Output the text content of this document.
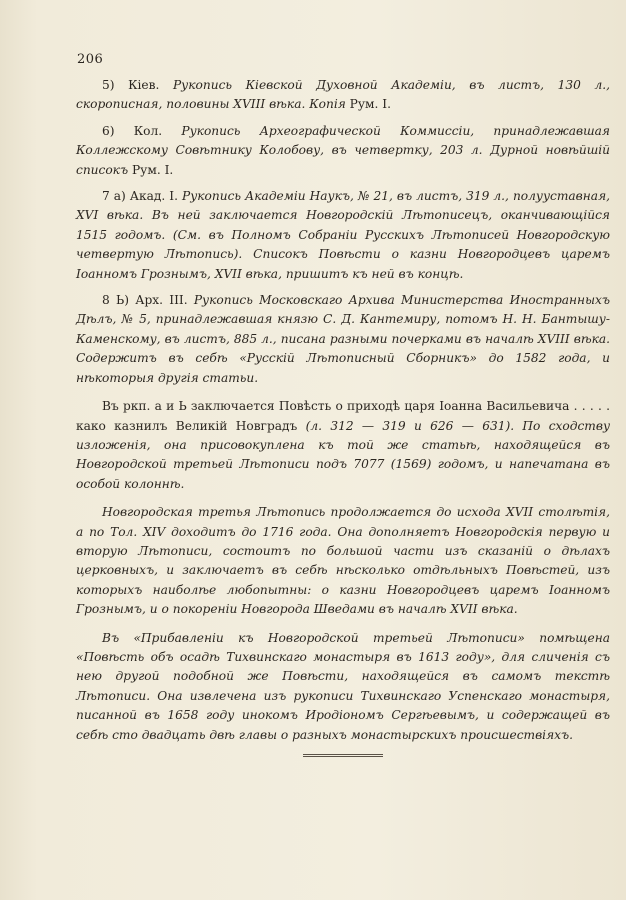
206

5) Кiев. Рукопись Кiевской Духовной Академiи, въ листъ, 130 л., скорописная, половины XVIII вѣка. Копiя Рум. I.

6) Кол. Рукопись Археографической Коммиссiи, принадлежавшая Коллежскому Совѣтнику Колобову, въ четвертку, 203 л. Дурной новѣйшiй списокъ Рум. I.

7 а) Акад. I. Рукопись Академiи Наукъ, № 21, въ листъ, 319 л., полууставная, XVI вѣка. Въ ней заключается Новгородскiй Лѣтописецъ, оканчивающiйся 1515 годомъ. (См. въ Полномъ Собранiи Русскихъ Лѣтописей Новгородскую четвертую Лѣтопись). Списокъ Повѣсти о казни Новгородцевъ царемъ Iоанномъ Грознымъ, XVII вѣка, пришитъ къ ней въ концѣ.

8 Ь) Арх. III. Рукопись Московскаго Архива Министерства Иностранныхъ Дѣлъ, № 5, принадлежавшая князю С. Д. Кантемиру, потомъ Н. Н. Бантышу-Каменскому, въ листъ, 885 л., писана разными почерками въ началѣ XVIII вѣка. Содержитъ въ себѣ «Русскiй Лѣтописный Сборникъ» до 1582 года, и нѣкоторыя другiя статьи.

Въ ркп. а и Ь заключается Повѣсть о приходѣ царя Iоанна Васильевича . . . . . како казнилъ Великiй Новградъ (л. 312 — 319 и 626 — 631). По сходству изложенiя, она присовокуплена къ той же статьѣ, находящейся въ Новгородской третьей Лѣтописи подъ 7077 (1569) годомъ, и напечатана въ особой колоннѣ.

Новгородская третья Лѣтопись продолжается до исхода XVII столѣтiя, а по Тол. XIV доходитъ до 1716 года. Она дополняетъ Новгородскiя первую и вторую Лѣтописи, состоитъ по большой части изъ сказанiй о дѣлахъ церковныхъ, и заключаетъ въ себѣ нѣсколько отдѣльныхъ Повѣстей, изъ которыхъ наиболѣе любопытны: о казни Новгородцевъ царемъ Iоанномъ Грознымъ, и о покоренiи Новгорода Шведами въ началѣ XVII вѣка.

Въ «Прибавленiи къ Новгородской третьей Лѣтописи» помѣщена «Повѣсть объ осадѣ Тихвинскаго монастыря въ 1613 году», для сличенiя съ нею другой подобной же Повѣсти, находящейся въ самомъ текстѣ Лѣтописи. Она извлечена изъ рукописи Тихвинскаго Успенскаго монастыря, писанной въ 1658 году инокомъ Иродiономъ Сергѣевымъ, и содержащей въ себѣ сто двадцать двѣ главы о разныхъ монастырскихъ происшествiяхъ.
